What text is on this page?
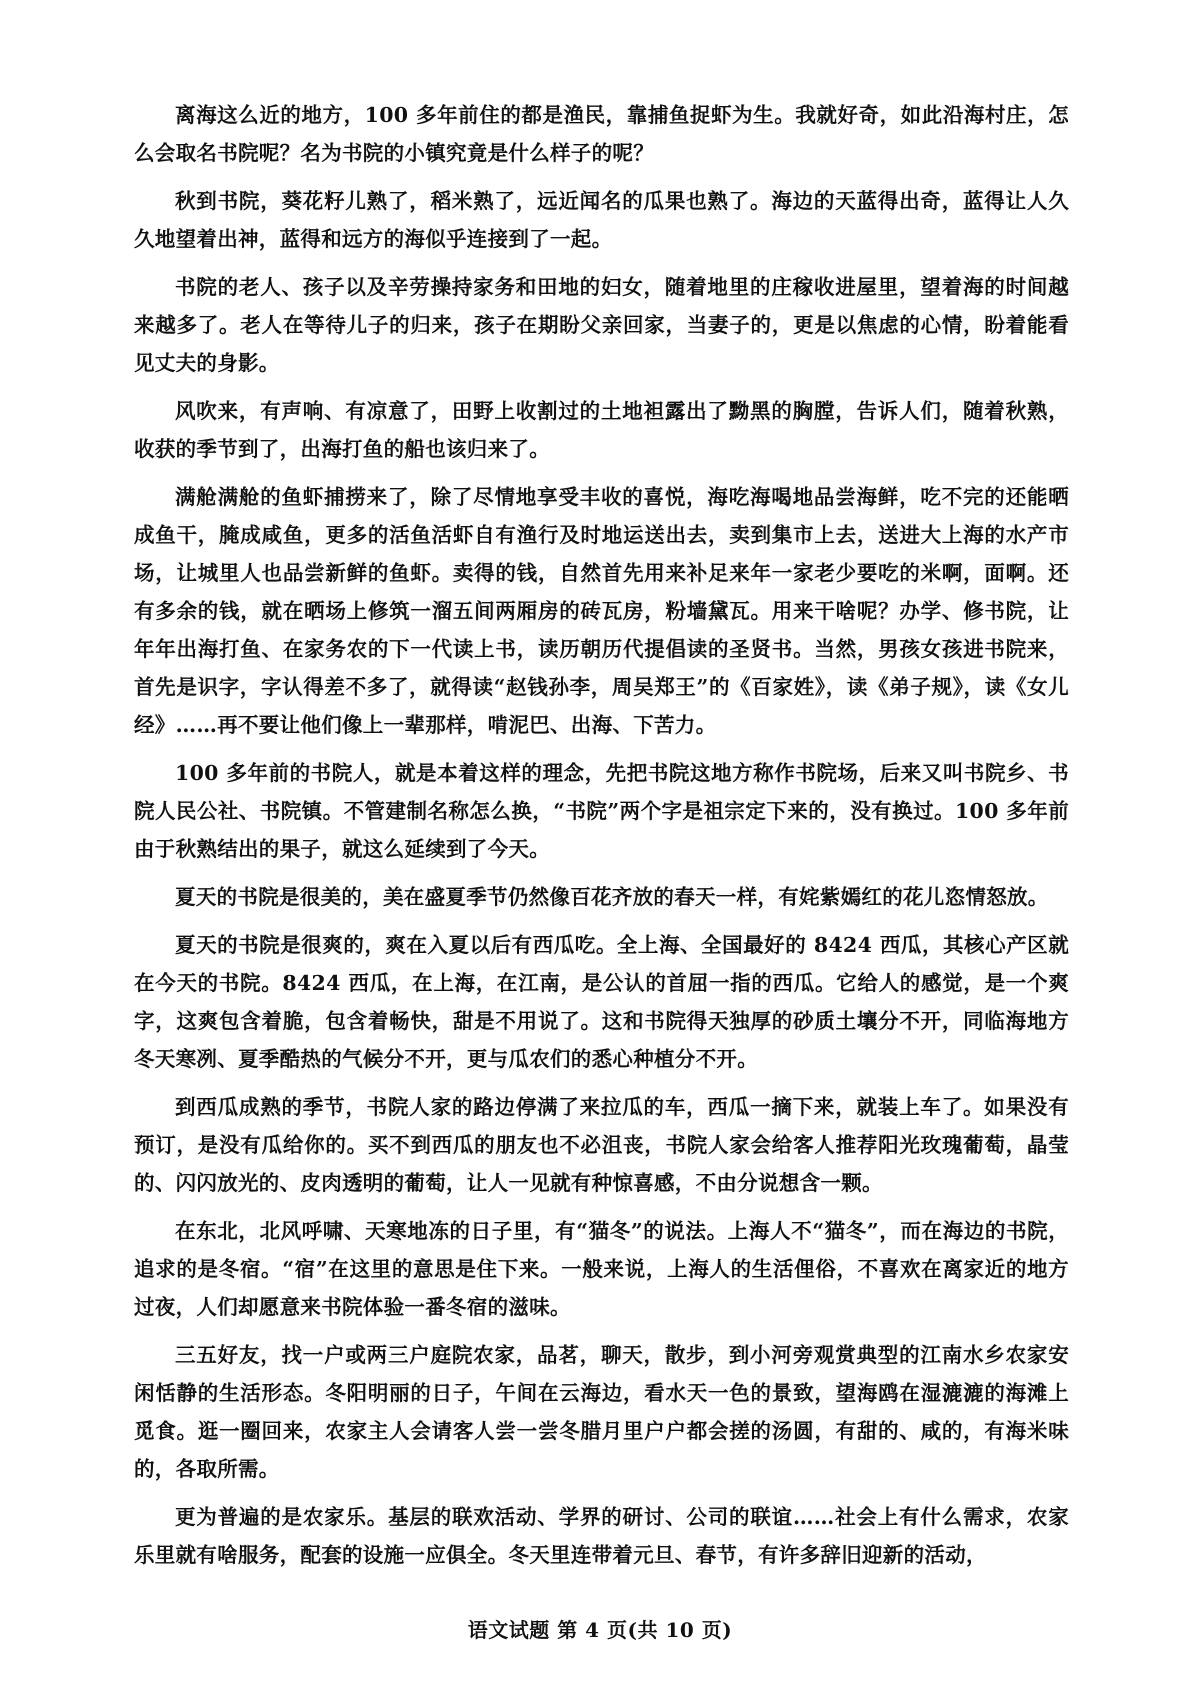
离海这么近的地方，100 多年前住的都是渔民，靠捕鱼捉虾为生。我就好奇，如此沿海村庄，怎么会取名书院呢？名为书院的小镇究竟是什么样子的呢？

秋到书院，葵花籽儿熟了，稻米熟了，远近闻名的瓜果也熟了。海边的天蓝得出奇，蓝得让人久久地望着出神，蓝得和远方的海似乎连接到了一起。

书院的老人、孩子以及辛劳操持家务和田地的妇女，随着地里的庄稼收进屋里，望着海的时间越来越多了。老人在等待儿子的归来，孩子在期盼父亲回家，当妻子的，更是以焦虑的心情，盼着能看见丈夫的身影。

风吹来，有声响、有凉意了，田野上收割过的土地袒露出了黝黑的胸膛，告诉人们，随着秋熟，收获的季节到了，出海打鱼的船也该归来了。

满舱满舱的鱼虾捕捞来了，除了尽情地享受丰收的喜悦，海吃海喝地品尝海鲜，吃不完的还能晒成鱼干，腌成咸鱼，更多的活鱼活虾自有渔行及时地运送出去，卖到集市上去，送进大上海的水产市场，让城里人也品尝新鲜的鱼虾。卖得的钱，自然首先用来补足来年一家老少要吃的米啊，面啊。还有多余的钱，就在晒场上修筑一溜五间两厢房的砖瓦房，粉墙黛瓦。用来干啥呢？办学、修书院，让年年出海打鱼、在家务农的下一代读上书，读历朝历代提倡读的圣贤书。当然，男孩女孩进书院来，首先是识字，字认得差不多了，就得读“赵钱孙李，周吴郑王”的《百家姓》，读《弟子规》，读《女儿经》……再不要让他们像上一辈那样，啃泥巴、出海、下苦力。

100 多年前的书院人，就是本着这样的理念，先把书院这地方称作书院场，后来又叫书院乡、书院人民公社、书院镇。不管建制名称怎么换，“书院”两个字是祖宗定下来的，没有换过。100 多年前由于秋熟结出的果子，就这么延续到了今天。

夏天的书院是很美的，美在盛夏季节仍然像百花齐放的春天一样，有姹紫嫣红的花儿恣情怒放。

夏天的书院是很爽的，爽在入夏以后有西瓜吃。全上海、全国最好的 8424 西瓜，其核心产区就在今天的书院。8424 西瓜，在上海，在江南，是公认的首屈一指的西瓜。它给人的感觉，是一个爽字，这爽包含着脆，包含着畅快，甜是不用说了。这和书院得天独厚的砂质土壤分不开，同临海地方冬天寒冽、夏季酷热的气候分不开，更与瓜农们的悉心种植分不开。

到西瓜成熟的季节，书院人家的路边停满了来拉瓜的车，西瓜一摘下来，就装上车了。如果没有预订，是没有瓜给你的。买不到西瓜的朋友也不必沮丧，书院人家会给客人推荐阳光玫瑰葡萄，晶莹的、闪闪放光的、皮肉透明的葡萄，让人一见就有种惊喜感，不由分说想含一颗。

在东北，北风呼啸、天寒地冻的日子里，有“猫冬”的说法。上海人不“猫冬”，而在海边的书院，追求的是冬宿。“宿”在这里的意思是住下来。一般来说，上海人的生活俚俗，不喜欢在离家近的地方过夜，人们却愿意来书院体验一番冬宿的滋味。

三五好友，找一户或两三户庭院农家，品茗，聊天，散步，到小河旁观赏典型的江南水乡农家安闲恬静的生活形态。冬阳明丽的日子，午间在云海边，看水天一色的景致，望海鸥在湿漉漉的海滩上觅食。逛一圈回来，农家主人会请客人尝一尝冬腊月里户户都会搓的汤圆，有甜的、咸的，有海米味的，各取所需。

更为普遍的是农家乐。基层的联欢活动、学界的研讨、公司的联谊……社会上有什么需求，农家乐里就有啥服务，配套的设施一应俱全。冬天里连带着元旦、春节，有许多辞旧迎新的活动，

语文试题 第 4 页(共 10 页)
